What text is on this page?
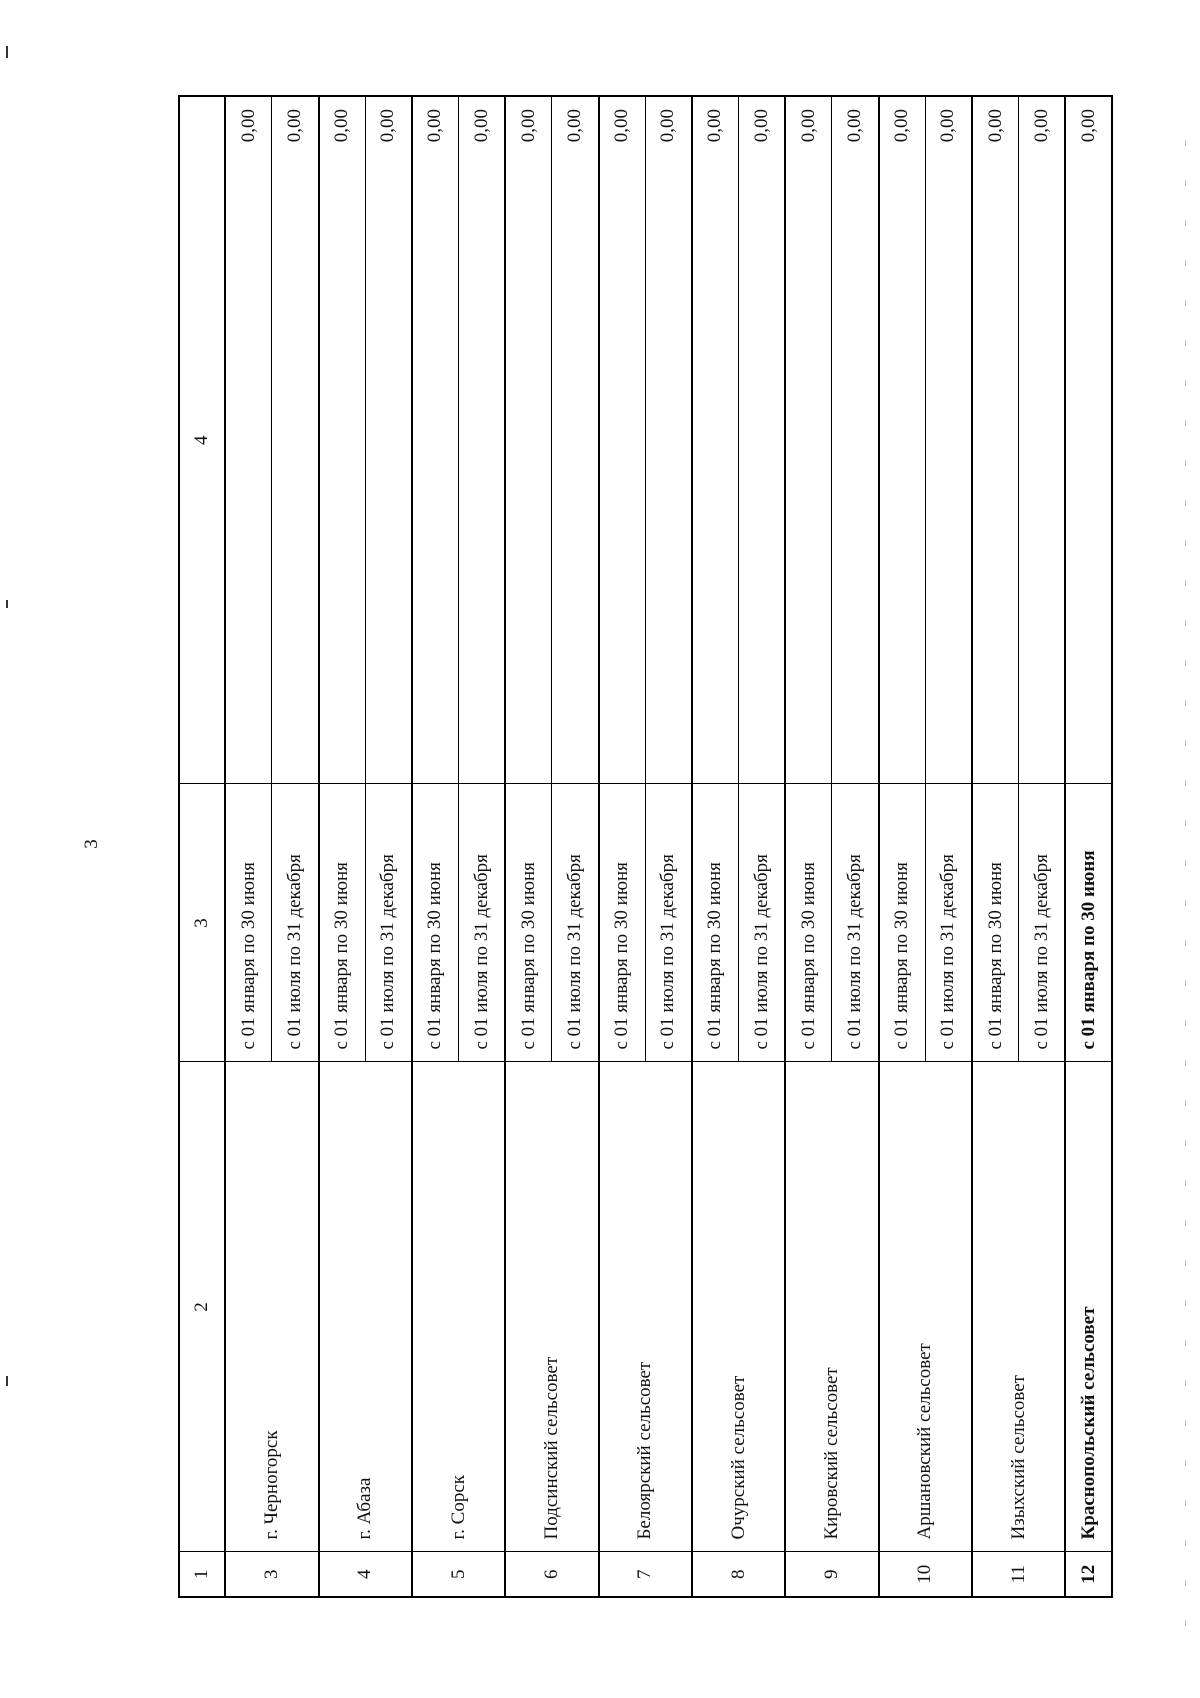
3
1	2	3	4
3	г. Черногорск	с 01 января по 30 июня	0,00
		с 01 июля по 31 декабря	0,00
4	г. Абаза	с 01 января по 30 июня	0,00
		с 01 июля по 31 декабря	0,00
5	г. Сорск	с 01 января по 30 июня	0,00
		с 01 июля по 31 декабря	0,00
6	Подсинский сельсовет	с 01 января по 30 июня	0,00
		с 01 июля по 31 декабря	0,00
7	Белоярский сельсовет	с 01 января по 30 июня	0,00
		с 01 июля по 31 декабря	0,00
8	Очурский сельсовет	с 01 января по 30 июня	0,00
		с 01 июля по 31 декабря	0,00
9	Кировский сельсовет	с 01 января по 30 июня	0,00
		с 01 июля по 31 декабря	0,00
10	Аршановский сельсовет	с 01 января по 30 июня	0,00
		с 01 июля по 31 декабря	0,00
11	Изыхский сельсовет	с 01 января по 30 июня	0,00
		с 01 июля по 31 декабря	0,00
12	Краснопольский сельсовет	с 01 января по 30 июня	0,00
